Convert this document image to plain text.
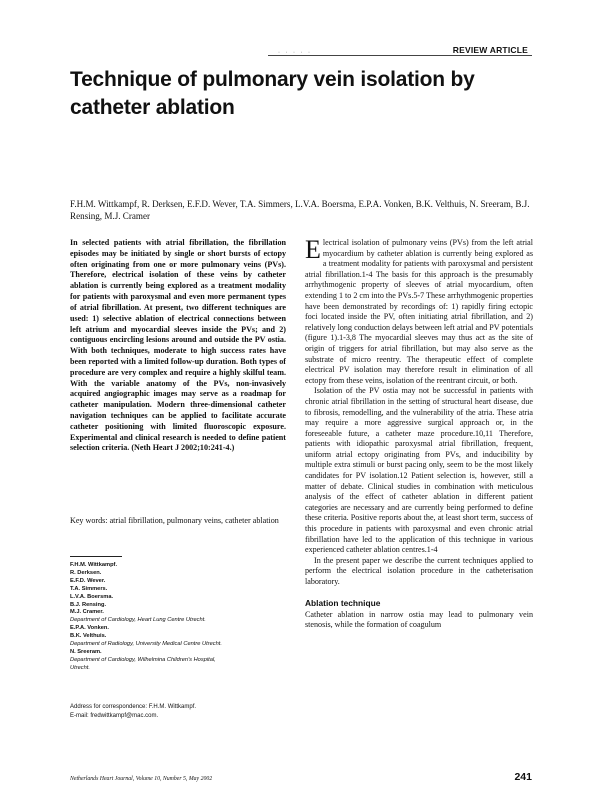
REVIEW ARTICLE
· · · · ·
Technique of pulmonary vein isolation by catheter ablation

F.H.M. Wittkampf, R. Derksen, E.F.D. Wever, T.A. Simmers, L.V.A. Boersma, E.P.A. Vonken, B.K. Velthuis, N. Sreeram, B.J. Rensing, M.J. Cramer

In selected patients with atrial fibrillation, the fibrillation episodes may be initiated by single or short bursts of ectopy often originating from one or more pulmonary veins (PVs). Therefore, electrical isolation of these veins by catheter ablation is currently being explored as a treatment modality for patients with paroxysmal and even more permanent types of atrial fibrillation. At present, two different techniques are used: 1) selective ablation of electrical connections between left atrium and myocardial sleeves inside the PVs; and 2) contiguous encircling lesions around and outside the PV ostia. With both techniques, moderate to high success rates have been reported with a limited follow-up duration. Both types of procedure are very complex and require a highly skilful team. With the variable anatomy of the PVs, non-invasively acquired angiographic images may serve as a roadmap for catheter manipulation. Modern three-dimensional catheter navigation techniques can be applied to facilitate accurate catheter positioning with limited fluoroscopic exposure. Experimental and clinical research is needed to define patient selection criteria. (Neth Heart J 2002;10:241-4.)

Key words: atrial fibrillation, pulmonary veins, catheter ablation

F.H.M. Wittkampf.
R. Derksen.
E.F.D. Wever.
T.A. Simmers.
L.V.A. Boersma.
B.J. Rensing.
M.J. Cramer.
Department of Cardiology, Heart Lung Centre Utrecht.
E.P.A. Vonken.
B.K. Velthuis.
Department of Radiology, University Medical Centre Utrecht.
N. Sreeram.
Department of Cardiology, Wilhelmina Children's Hospital,
Utrecht.
Address for correspondence: F.H.M. Wittkampf.
E-mail: fredwittkampf@mac.com.

Electrical isolation of pulmonary veins (PVs) from the left atrial myocardium by catheter ablation is currently being explored as a treatment modality for patients with paroxysmal and persistent atrial fibrillation.1-4 The basis for this approach is the presumably arrhythmogenic property of sleeves of atrial myocardium, often extending 1 to 2 cm into the PVs.5-7 These arrhythmogenic properties have been demonstrated by recordings of: 1) rapidly firing ectopic foci located inside the PV, often initiating atrial fibrillation, and 2) relatively long conduction delays between left atrial and PV potentials (figure 1).1-3,8 The myocardial sleeves may thus act as the site of origin of triggers for atrial fibrillation, but may also serve as the substrate of micro reentry. The therapeutic effect of complete electrical PV isolation may therefore result in elimination of all ectopy from these veins, isolation of the reentrant circuit, or both.

Isolation of the PV ostia may not be successful in patients with chronic atrial fibrillation in the setting of structural heart disease, due to fibrosis, remodelling, and the vulnerability of the atria. These atria may require a more aggressive surgical approach or, in the foreseeable future, a catheter maze procedure.10,11 Therefore, patients with idiopathic paroxysmal atrial fibrillation, frequent, uniform atrial ectopy originating from PVs, and inducibility by multiple extra stimuli or burst pacing only, seem to be the most likely candidates for PV isolation.12 Patient selection is, however, still a matter of debate. Clinical studies in combination with meticulous analysis of the effect of catheter ablation in different patient categories are necessary and are currently being performed to define these criteria. Positive reports about the, at least short term, success of this procedure in patients with paroxysmal and even chronic atrial fibrillation have led to the application of this technique in various experienced catheter ablation centres.1-4

In the present paper we describe the current techniques applied to perform the electrical isolation procedure in the catheterisation laboratory.

Ablation technique

Catheter ablation in narrow ostia may lead to pulmonary vein stenosis, while the formation of coagulum

Netherlands Heart Journal, Volume 10, Number 5, May 2002	241
